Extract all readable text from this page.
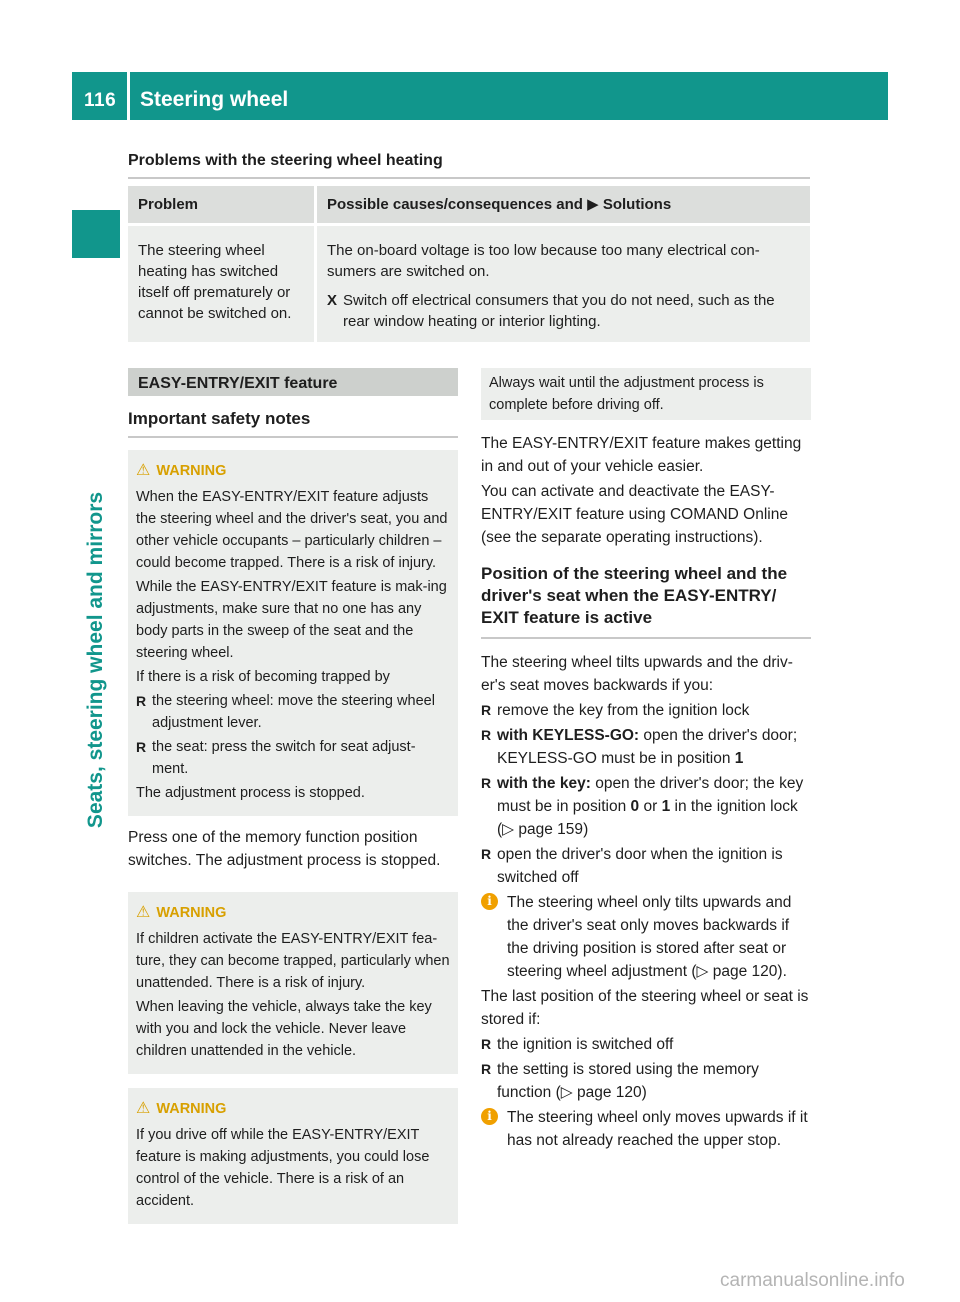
116 Steering wheel
Seats, steering wheel and mirrors
Problems with the steering wheel heating
Problem	Possible causes/consequences and ▶ Solutions
The steering wheel heating has switched itself off prematurely or cannot be switched on.	The on-board voltage is too low because too many electrical con-sumers are switched on.
X Switch off electrical consumers that you do not need, such as the rear window heating or interior lighting.
EASY-ENTRY/EXIT feature
Important safety notes
⚠ WARNING
When the EASY-ENTRY/EXIT feature adjusts the steering wheel and the driver's seat, you and other vehicle occupants – particularly children – could become trapped. There is a risk of injury.
While the EASY-ENTRY/EXIT feature is mak-ing adjustments, make sure that no one has any body parts in the sweep of the seat and the steering wheel.
If there is a risk of becoming trapped by
R the steering wheel: move the steering wheel adjustment lever.
R the seat: press the switch for seat adjust-ment.
The adjustment process is stopped.
Press one of the memory function position switches. The adjustment process is stopped.
⚠ WARNING
If children activate the EASY-ENTRY/EXIT fea-ture, they can become trapped, particularly when unattended. There is a risk of injury.
When leaving the vehicle, always take the key with you and lock the vehicle. Never leave children unattended in the vehicle.
⚠ WARNING
If you drive off while the EASY-ENTRY/EXIT feature is making adjustments, you could lose control of the vehicle. There is a risk of an accident.
Always wait until the adjustment process is complete before driving off.
The EASY-ENTRY/EXIT feature makes getting in and out of your vehicle easier.
You can activate and deactivate the EASY-ENTRY/EXIT feature using COMAND Online (see the separate operating instructions).
Position of the steering wheel and the driver's seat when the EASY-ENTRY/ EXIT feature is active
The steering wheel tilts upwards and the driv-er's seat moves backwards if you:
R remove the key from the ignition lock
R with KEYLESS-GO: open the driver's door; KEYLESS-GO must be in position 1
R with the key: open the driver's door; the key must be in position 0 or 1 in the ignition lock (▷ page 159)
R open the driver's door when the ignition is switched off
i The steering wheel only tilts upwards and the driver's seat only moves backwards if the driving position is stored after seat or steering wheel adjustment (▷ page 120).
The last position of the steering wheel or seat is stored if:
R the ignition is switched off
R the setting is stored using the memory function (▷ page 120)
i The steering wheel only moves upwards if it has not already reached the upper stop.
carmanualsonline.info
